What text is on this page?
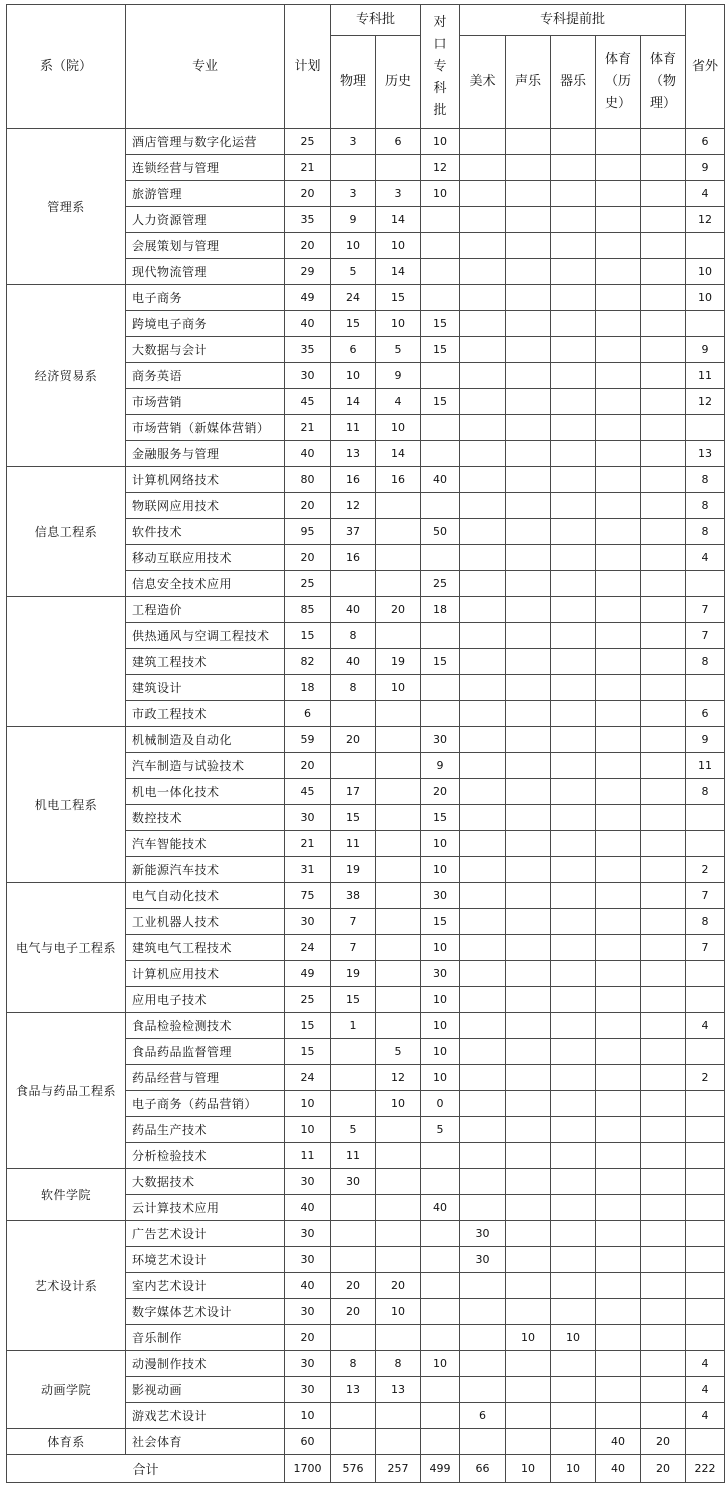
系（院）	专业	计划	专科批		对口专科批	专科提前批					省外
			物理	历史		美术	声乐	器乐	体育（历史）	体育（物理）	
管理系	酒店管理与数字化运营	25	3	6	10						6
	连锁经营与管理	21			12						9
	旅游管理	20	3	3	10						4
	人力资源管理	35	9	14							12
	会展策划与管理	20	10	10							
	现代物流管理	29	5	14							10
经济贸易系	电子商务	49	24	15							10
	跨境电子商务	40	15	10	15						
	大数据与会计	35	6	5	15						9
	商务英语	30	10	9							11
	市场营销	45	14	4	15						12
	市场营销（新媒体营销）	21	11	10							
	金融服务与管理	40	13	14							13
信息工程系	计算机网络技术	80	16	16	40						8
	物联网应用技术	20	12								8
	软件技术	95	37		50						8
	移动互联应用技术	20	16								4
	信息安全技术应用	25			25						
	工程造价	85	40	20	18						7
	供热通风与空调工程技术	15	8								7
	建筑工程技术	82	40	19	15						8
	建筑设计	18	8	10							
	市政工程技术	6									6
机电工程系	机械制造及自动化	59	20		30						9
	汽车制造与试验技术	20			9						11
	机电一体化技术	45	17		20						8
	数控技术	30	15		15						
	汽车智能技术	21	11		10						
	新能源汽车技术	31	19		10						2
电气与电子工程系	电气自动化技术	75	38		30						7
	工业机器人技术	30	7		15						8
	建筑电气工程技术	24	7		10						7
	计算机应用技术	49	19		30						
	应用电子技术	25	15		10						
食品与药品工程系	食品检验检测技术	15	1		10						4
	食品药品监督管理	15		5	10						
	药品经营与管理	24		12	10						2
	电子商务（药品营销）	10		10	0						
	药品生产技术	10	5		5						
	分析检验技术	11	11								
软件学院	大数据技术	30	30								
	云计算技术应用	40			40						
艺术设计系	广告艺术设计	30				30					
	环境艺术设计	30				30					
	室内艺术设计	40	20	20							
	数字媒体艺术设计	30	20	10							
	音乐制作	20					10	10			
动画学院	动漫制作技术	30	8	8	10						4
	影视动画	30	13	13							4
	游戏艺术设计	10				6					4
体育系	社会体育	60							40	20	
合计		1700	576	257	499	66	10	10	40	20	222
